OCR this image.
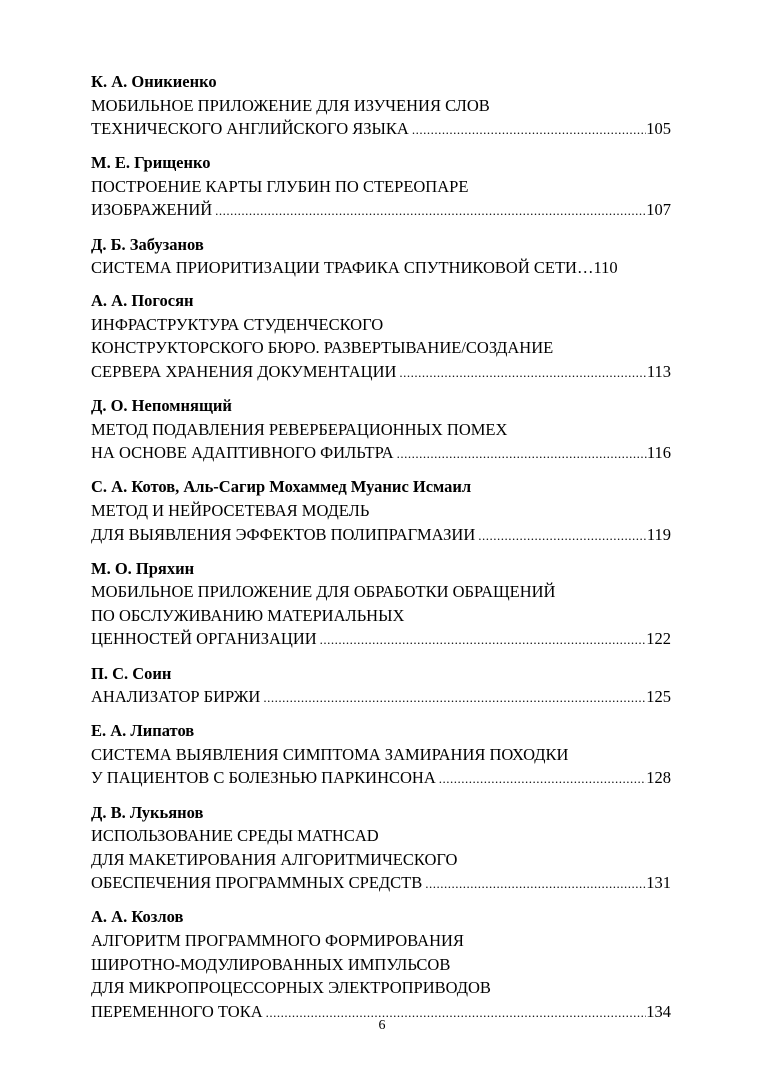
К. А. Оникиенко
МОБИЛЬНОЕ ПРИЛОЖЕНИЕ ДЛЯ ИЗУЧЕНИЯ СЛОВ
ТЕХНИЧЕСКОГО АНГЛИЙСКОГО ЯЗЫКА .....	105
М. Е. Грищенко
ПОСТРОЕНИЕ КАРТЫ ГЛУБИН ПО СТЕРЕОПАРЕ
ИЗОБРАЖЕНИЙ .....	107
Д. Б. Забузанов
СИСТЕМА ПРИОРИТИЗАЦИИ ТРАФИКА СПУТНИКОВОЙ СЕТИ… 110
А. А. Погосян
ИНФРАСТРУКТУРА СТУДЕНЧЕСКОГО
КОНСТРУКТОРСКОГО БЮРО. РАЗВЕРТЫВАНИЕ/СОЗДАНИЕ
СЕРВЕРА ХРАНЕНИЯ ДОКУМЕНТАЦИИ .....	113
Д. О. Непомнящий
МЕТОД ПОДАВЛЕНИЯ РЕВЕРБЕРАЦИОННЫХ ПОМЕХ
НА ОСНОВЕ АДАПТИВНОГО ФИЛЬТРА .....	116
С. А. Котов, Аль-Сагир Мохаммед Муанис Исмаил
МЕТОД И НЕЙРОСЕТЕВАЯ МОДЕЛЬ
ДЛЯ ВЫЯВЛЕНИЯ ЭФФЕКТОВ ПОЛИПРАГМАЗИИ .....	119
М. О. Пряхин
МОБИЛЬНОЕ ПРИЛОЖЕНИЕ ДЛЯ ОБРАБОТКИ ОБРАЩЕНИЙ
ПО ОБСЛУЖИВАНИЮ МАТЕРИАЛЬНЫХ
ЦЕННОСТЕЙ ОРГАНИЗАЦИИ .....	122
П. С. Соин
АНАЛИЗАТОР БИРЖИ .....	125
Е. А. Липатов
СИСТЕМА ВЫЯВЛЕНИЯ СИМПТОМА ЗАМИРАНИЯ ПОХОДКИ
У ПАЦИЕНТОВ С БОЛЕЗНЬЮ ПАРКИНСОНА .....	128
Д. В. Лукьянов
ИСПОЛЬЗОВАНИЕ СРЕДЫ MATHCAD
ДЛЯ МАКЕТИРОВАНИЯ АЛГОРИТМИЧЕСКОГО
ОБЕСПЕЧЕНИЯ ПРОГРАММНЫХ СРЕДСТВ .....	131
А. А. Козлов
АЛГОРИТМ ПРОГРАММНОГО ФОРМИРОВАНИЯ
ШИРОТНО-МОДУЛИРОВАННЫХ ИМПУЛЬСОВ
ДЛЯ МИКРОПРОЦЕССОРНЫХ ЭЛЕКТРОПРИВОДОВ
ПЕРЕМЕННОГО ТОКА .....	134
6
